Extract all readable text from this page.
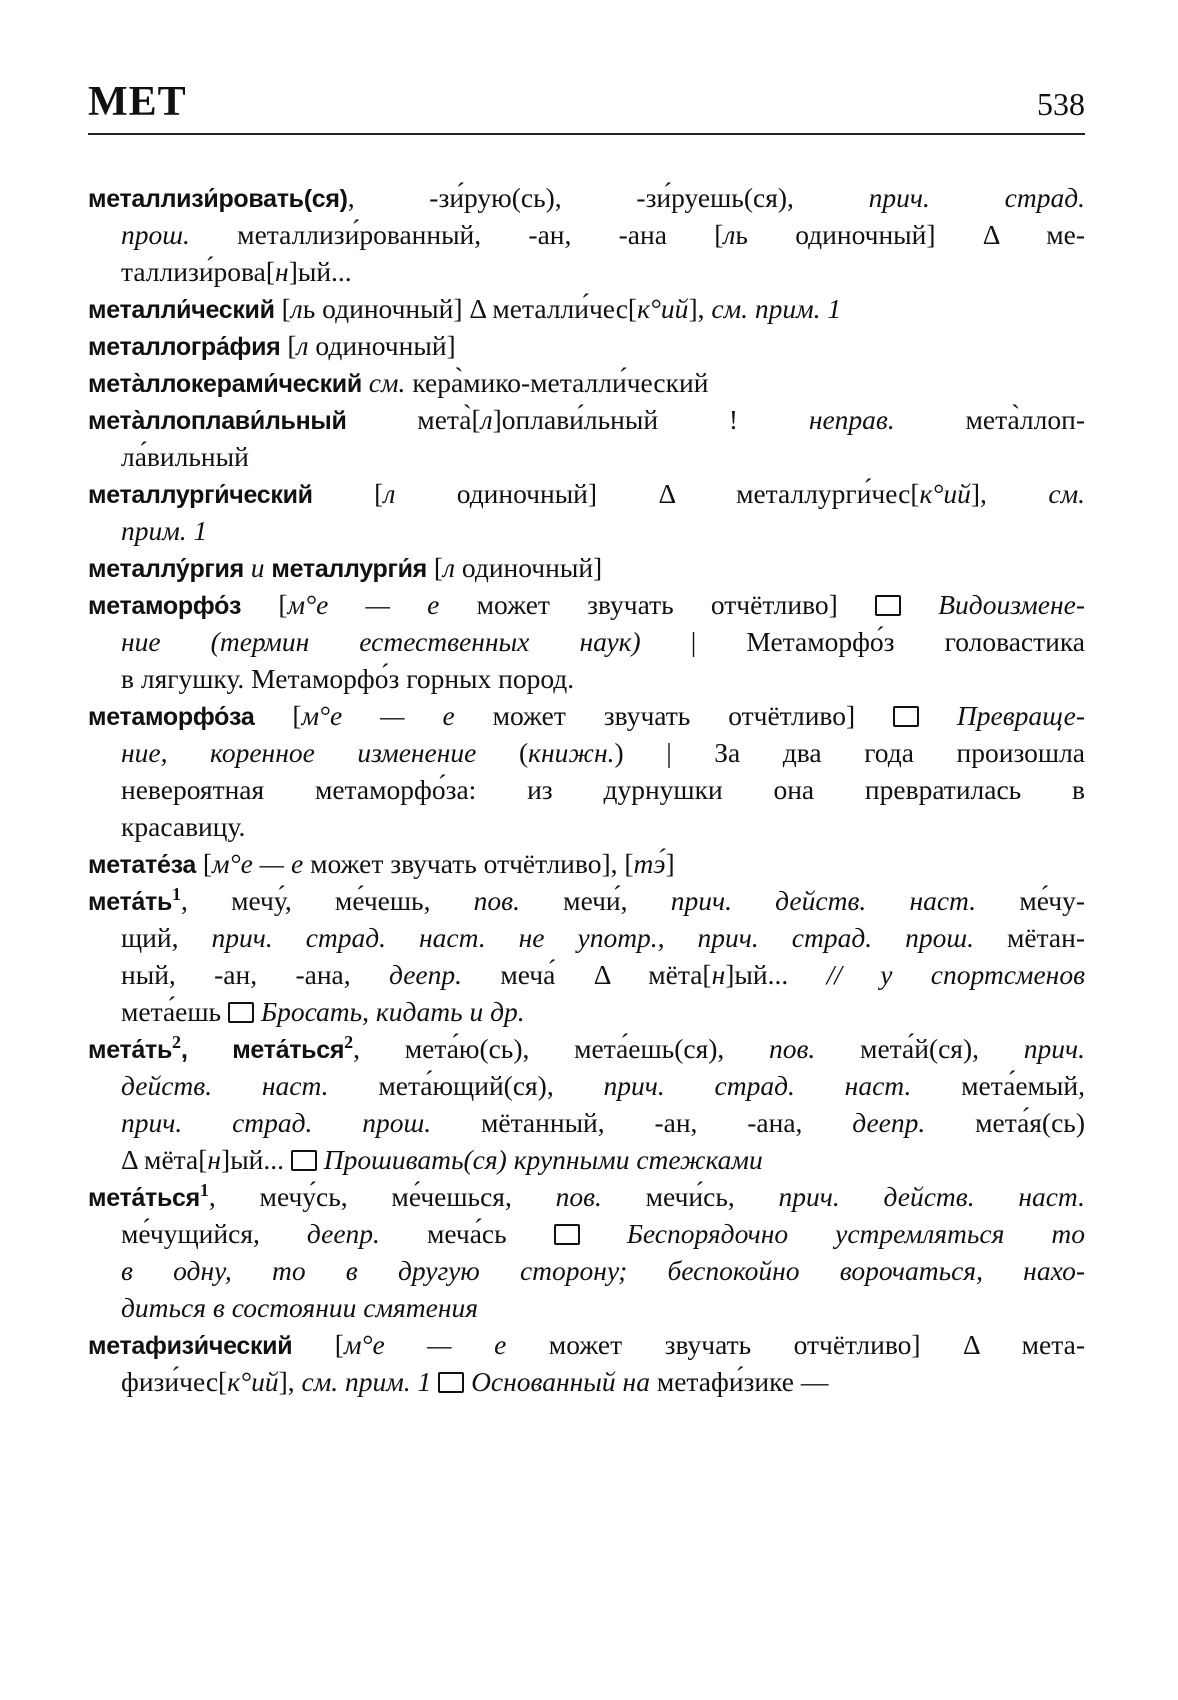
МЕТ	538
металлизи́ровать(ся), -зи́рую(сь), -зи́руешь(ся), прич. страд.
прош. металлизи́рованный, -ан, -ана [ль одиночный] Δ ме-
таллизи́рова[н]ый...
металли́ческий [ль одиночный] Δ металли́чес[к°ий], см. прим. 1
металлогра́фия [л одиночный]
мета̀ллокерами́ческий см. кера̀мико-металли́ческий
мета̀ллоплави́льный мета̀[л]оплави́льный ! неправ. мета̀ллоп-
ла́вильный
металлурги́ческий [л одиночный] Δ металлурги́чес[к°ий], см.
прим. 1
металлу́ргия и металлурги́я [л одиночный]
метаморфо́з [м°е — е может звучать отчётливо]  Видоизмене-
ние (термин естественных наук) | Метаморфо́з головастика
в лягушку. Метаморфо́з горных пород.
метаморфо́за [м°е — е может звучать отчётливо]  Превраще-
ние, коренное изменение (книжн.) | За два года произошла
невероятная метаморфо́за: из дурнушки она превратилась в
красавицу.
метате́за [м°е — е может звучать отчётливо], [тэ́]
$мета́ть^1$, мечу́, ме́чешь, пов. мечи́, прич. действ. наст. ме́чу-
щий, прич. страд. наст. не употр., прич. страд. прош. мётан-
ный, -ан, -ана, деепр. меча́ Δ мёта[н]ый... // у спортсменов
мета́ешь  Бросать, кидать и др.
$мета́ть^2$, мета́ться$^2$, мета́ю(сь), мета́ешь(ся), пов. мета́й(ся), прич.
действ. наст. мета́ющий(ся), прич. страд. наст. мета́емый,
прич. страд. прош. мётанный, -ан, -ана, деепр. мета́я(сь)
Δ мёта[н]ый...  Прошивать(ся) крупными стежками
мета́ться$^1$, мечу́сь, ме́чешься, пов. мечи́сь, прич. действ. наст.
ме́чущийся, деепр. меча́сь  Беспорядочно устремляться то
в одну, то в другую сторону; беспокойно ворочаться, нахо-
диться в состоянии смятения
метафизи́ческий [м°е — е может звучать отчётливо] Δ мета-
физи́чес[к°ий], см. прим. 1  Основанный на метафи́зике —
